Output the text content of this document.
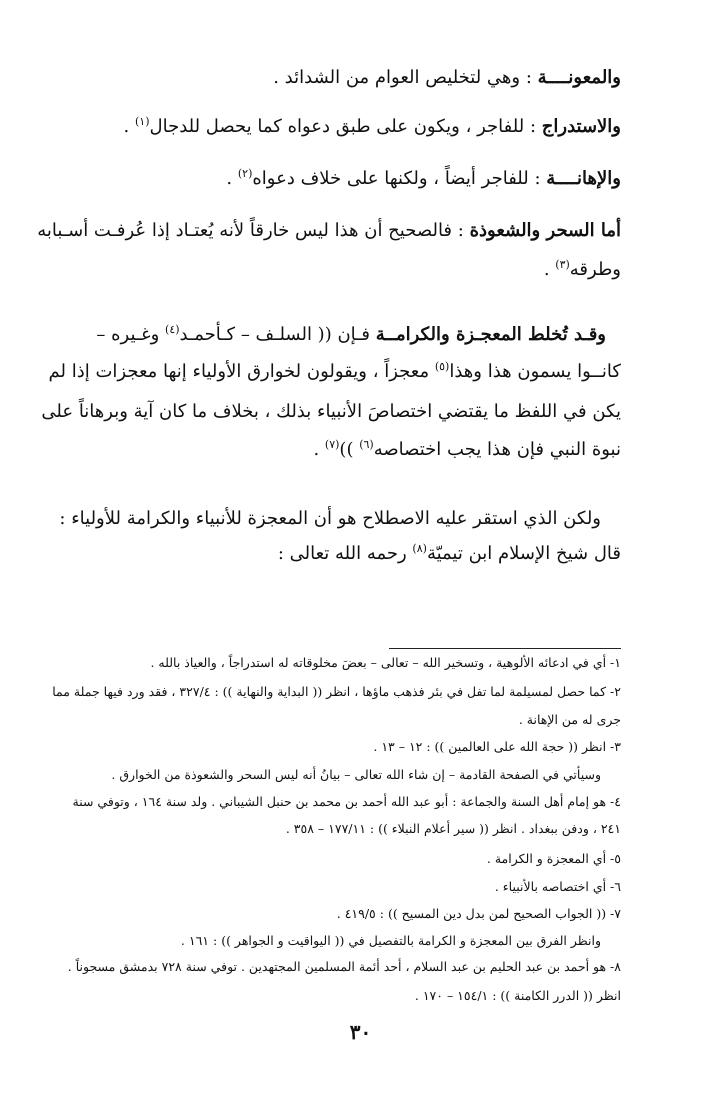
والمعونــــة : وهي لتخليص العوام من الشدائد .
والاستدراج : للفاجر ، ويكون على طبق دعواه كما يحصل للدجال$^{(١)}$ .
والإهانــــة : للفاجر أيضاً ، ولكنها على خلاف دعواه$^{(٢)}$ .
أما السحر والشعوذة : فالصحيح أن هذا ليس خارقاً لأنه يُعتـاد إذا عُرفـت أسـبابه
وطرقه$^{(٣)}$ .
وقـد تُخلط المعجـزة والكرامــة فـإن (( السلـف – كـأحمـد$^{(٤)}$ وغـيره –
كانــوا يسمون هذا وهذا$^{(٥)}$ معجزاً ، ويقولون لخوارق الأولياء إنها معجزات إذا لم
يكن في اللفظ ما يقتضي اختصاصَ الأنبياء بذلك ، بخلاف ما كان آية وبرهاناً على
نبوة النبي فإن هذا يجب اختصاصه$^{(٦)}$ ))$^{(٧)}$ .
ولكن الذي استقر عليه الاصطلاح هو أن المعجزة للأنبياء والكرامة للأولياء :
قال شيخ الإسلام ابن تيميّة$^{(٨)}$ رحمه الله تعالى :
١- أي في ادعائه الألوهية ، وتسخير الله – تعالى – بعضَ مخلوقاته له استدراجاً ، والعياذ بالله .
٢- كما حصل لمسيلمة لما تفل في بئر فذهب ماؤها ، انظر (( البداية والنهاية )) : ٣٢٧/٤ ، فقد ورد فيها جملة مما
جرى له من الإهانة .
٣- انظر (( حجة الله على العالمين )) : ١٢ – ١٣ .
وسيأتي في الصفحة القادمة – إن شاء الله تعالى – بيانُ أنه ليس السحر والشعوذة من الخوارق .
٤- هو إمام أهل السنة والجماعة : أبو عبد الله أحمد بن محمد بن حنبل الشيباني . ولد سنة ١٦٤ ، وتوفي سنة
٢٤١ ، ودفن ببغداد . انظر (( سير أعلام النبلاء )) : ١٧٧/١١ – ٣٥٨ .
٥- أي المعجزة و الكرامة .
٦- أي اختصاصه بالأنبياء .
٧- (( الجواب الصحيح لمن بدل دين المسيح )) : ٤١٩/٥ .
وانظر الفرق بين المعجزة و الكرامة بالتفصيل في (( اليواقيت و الجواهر )) : ١٦١ .
٨- هو أحمد بن عبد الحليم بن عبد السلام ، أحد أئمة المسلمين المجتهدين . توفي سنة ٧٢٨ بدمشق مسجوناً .
انظر (( الدرر الكامنة )) : ١٥٤/١ – ١٧٠ .
٣٠
